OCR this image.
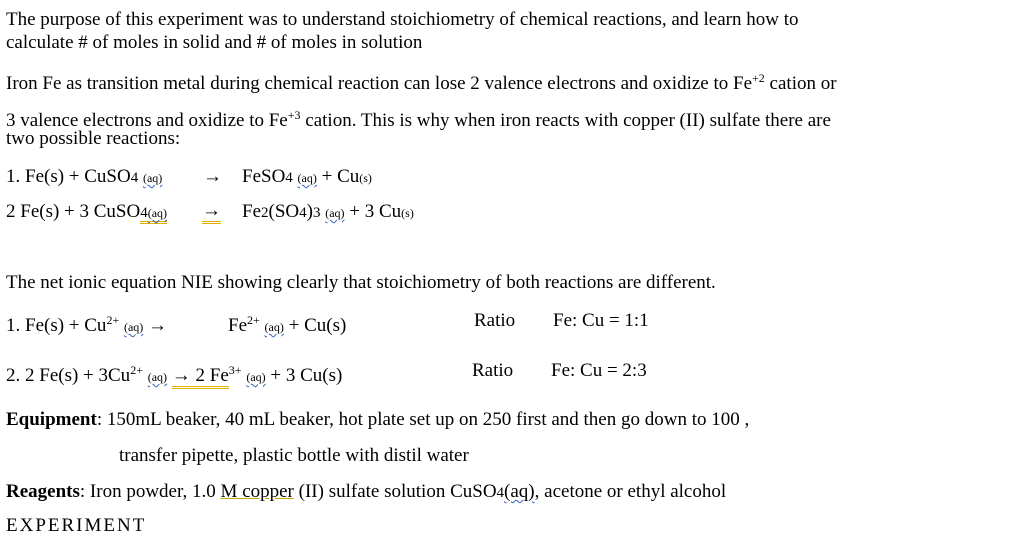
The purpose of this experiment was to understand stoichiometry of chemical reactions, and learn how to
calculate # of moles in solid and # of moles in solution
Iron Fe as transition metal during chemical reaction can lose 2 valence electrons and oxidize to $Fe^{+2}$ cation or
3 valence electrons and oxidize to $Fe^{+3}$ cation. This is why when iron reacts with copper (II) sulfate there are
two possible reactions:
1. Fe(s) + CuSO4 (aq) → FeSO4 (aq) + Cu(s)
2 Fe(s) + 3 CuSO4(aq) → Fe2(SO4)3 (aq) + 3 Cu(s)
The net ionic equation NIE showing clearly that stoichiometry of both reactions are different.
1. $Fe(s) + Cu^{2+}$ (aq) →	$Fe^{2+}$ (aq) + Cu(s)	Ratio Fe: Cu = 1:1
2. 2 $Fe(s) + 3Cu^{2+}$ (aq) → 2 $Fe^{3+}$ (aq) + 3 Cu(s)	Ratio Fe: Cu = 2:3
Equipment: 150mL beaker, 40 mL beaker, hot plate set up on 250 first and then go down to 100 ,
transfer pipette, plastic bottle with distil water
Reagents: Iron powder, 1.0 M copper (II) sulfate solution CuSO4(aq), acetone or ethyl alcohol
EXPERIMENT
